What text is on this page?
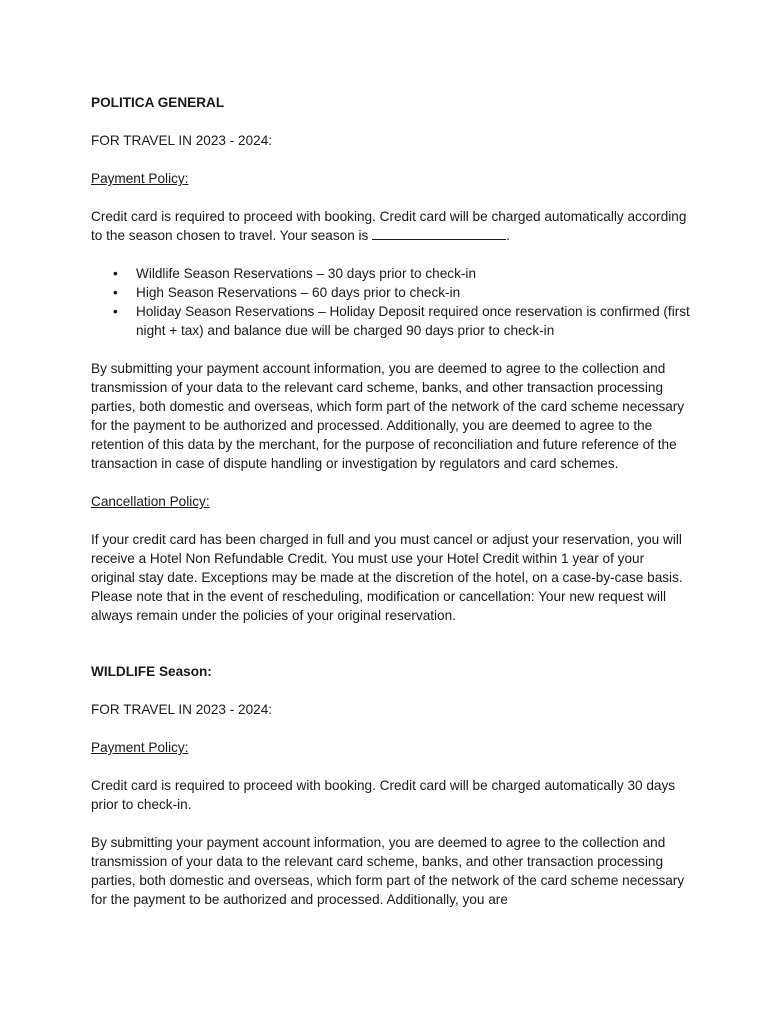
POLITICA GENERAL

FOR TRAVEL IN 2023 - 2024:

Payment Policy:

Credit card is required to proceed with booking. Credit card will be charged automatically according to the season chosen to travel. Your season is	.

• Wildlife Season Reservations – 30 days prior to check-in
• High Season Reservations – 60 days prior to check-in
• Holiday Season Reservations – Holiday Deposit required once reservation is confirmed (first night + tax) and balance due will be charged 90 days prior to check-in

By submitting your payment account information, you are deemed to agree to the collection and transmission of your data to the relevant card scheme, banks, and other transaction processing parties, both domestic and overseas, which form part of the network of the card scheme necessary for the payment to be authorized and processed. Additionally, you are deemed to agree to the retention of this data by the merchant, for the purpose of reconciliation and future reference of the transaction in case of dispute handling or investigation by regulators and card schemes.

Cancellation Policy:

If your credit card has been charged in full and you must cancel or adjust your reservation, you will receive a Hotel Non Refundable Credit. You must use your Hotel Credit within 1 year of your original stay date. Exceptions may be made at the discretion of the hotel, on a case-by-case basis. Please note that in the event of rescheduling, modification or cancellation: Your new request will always remain under the policies of your original reservation.

WILDLIFE Season:

FOR TRAVEL IN 2023 - 2024:

Payment Policy:

Credit card is required to proceed with booking. Credit card will be charged automatically 30 days prior to check-in.

By submitting your payment account information, you are deemed to agree to the collection and transmission of your data to the relevant card scheme, banks, and other transaction processing parties, both domestic and overseas, which form part of the network of the card scheme necessary for the payment to be authorized and processed. Additionally, you are
